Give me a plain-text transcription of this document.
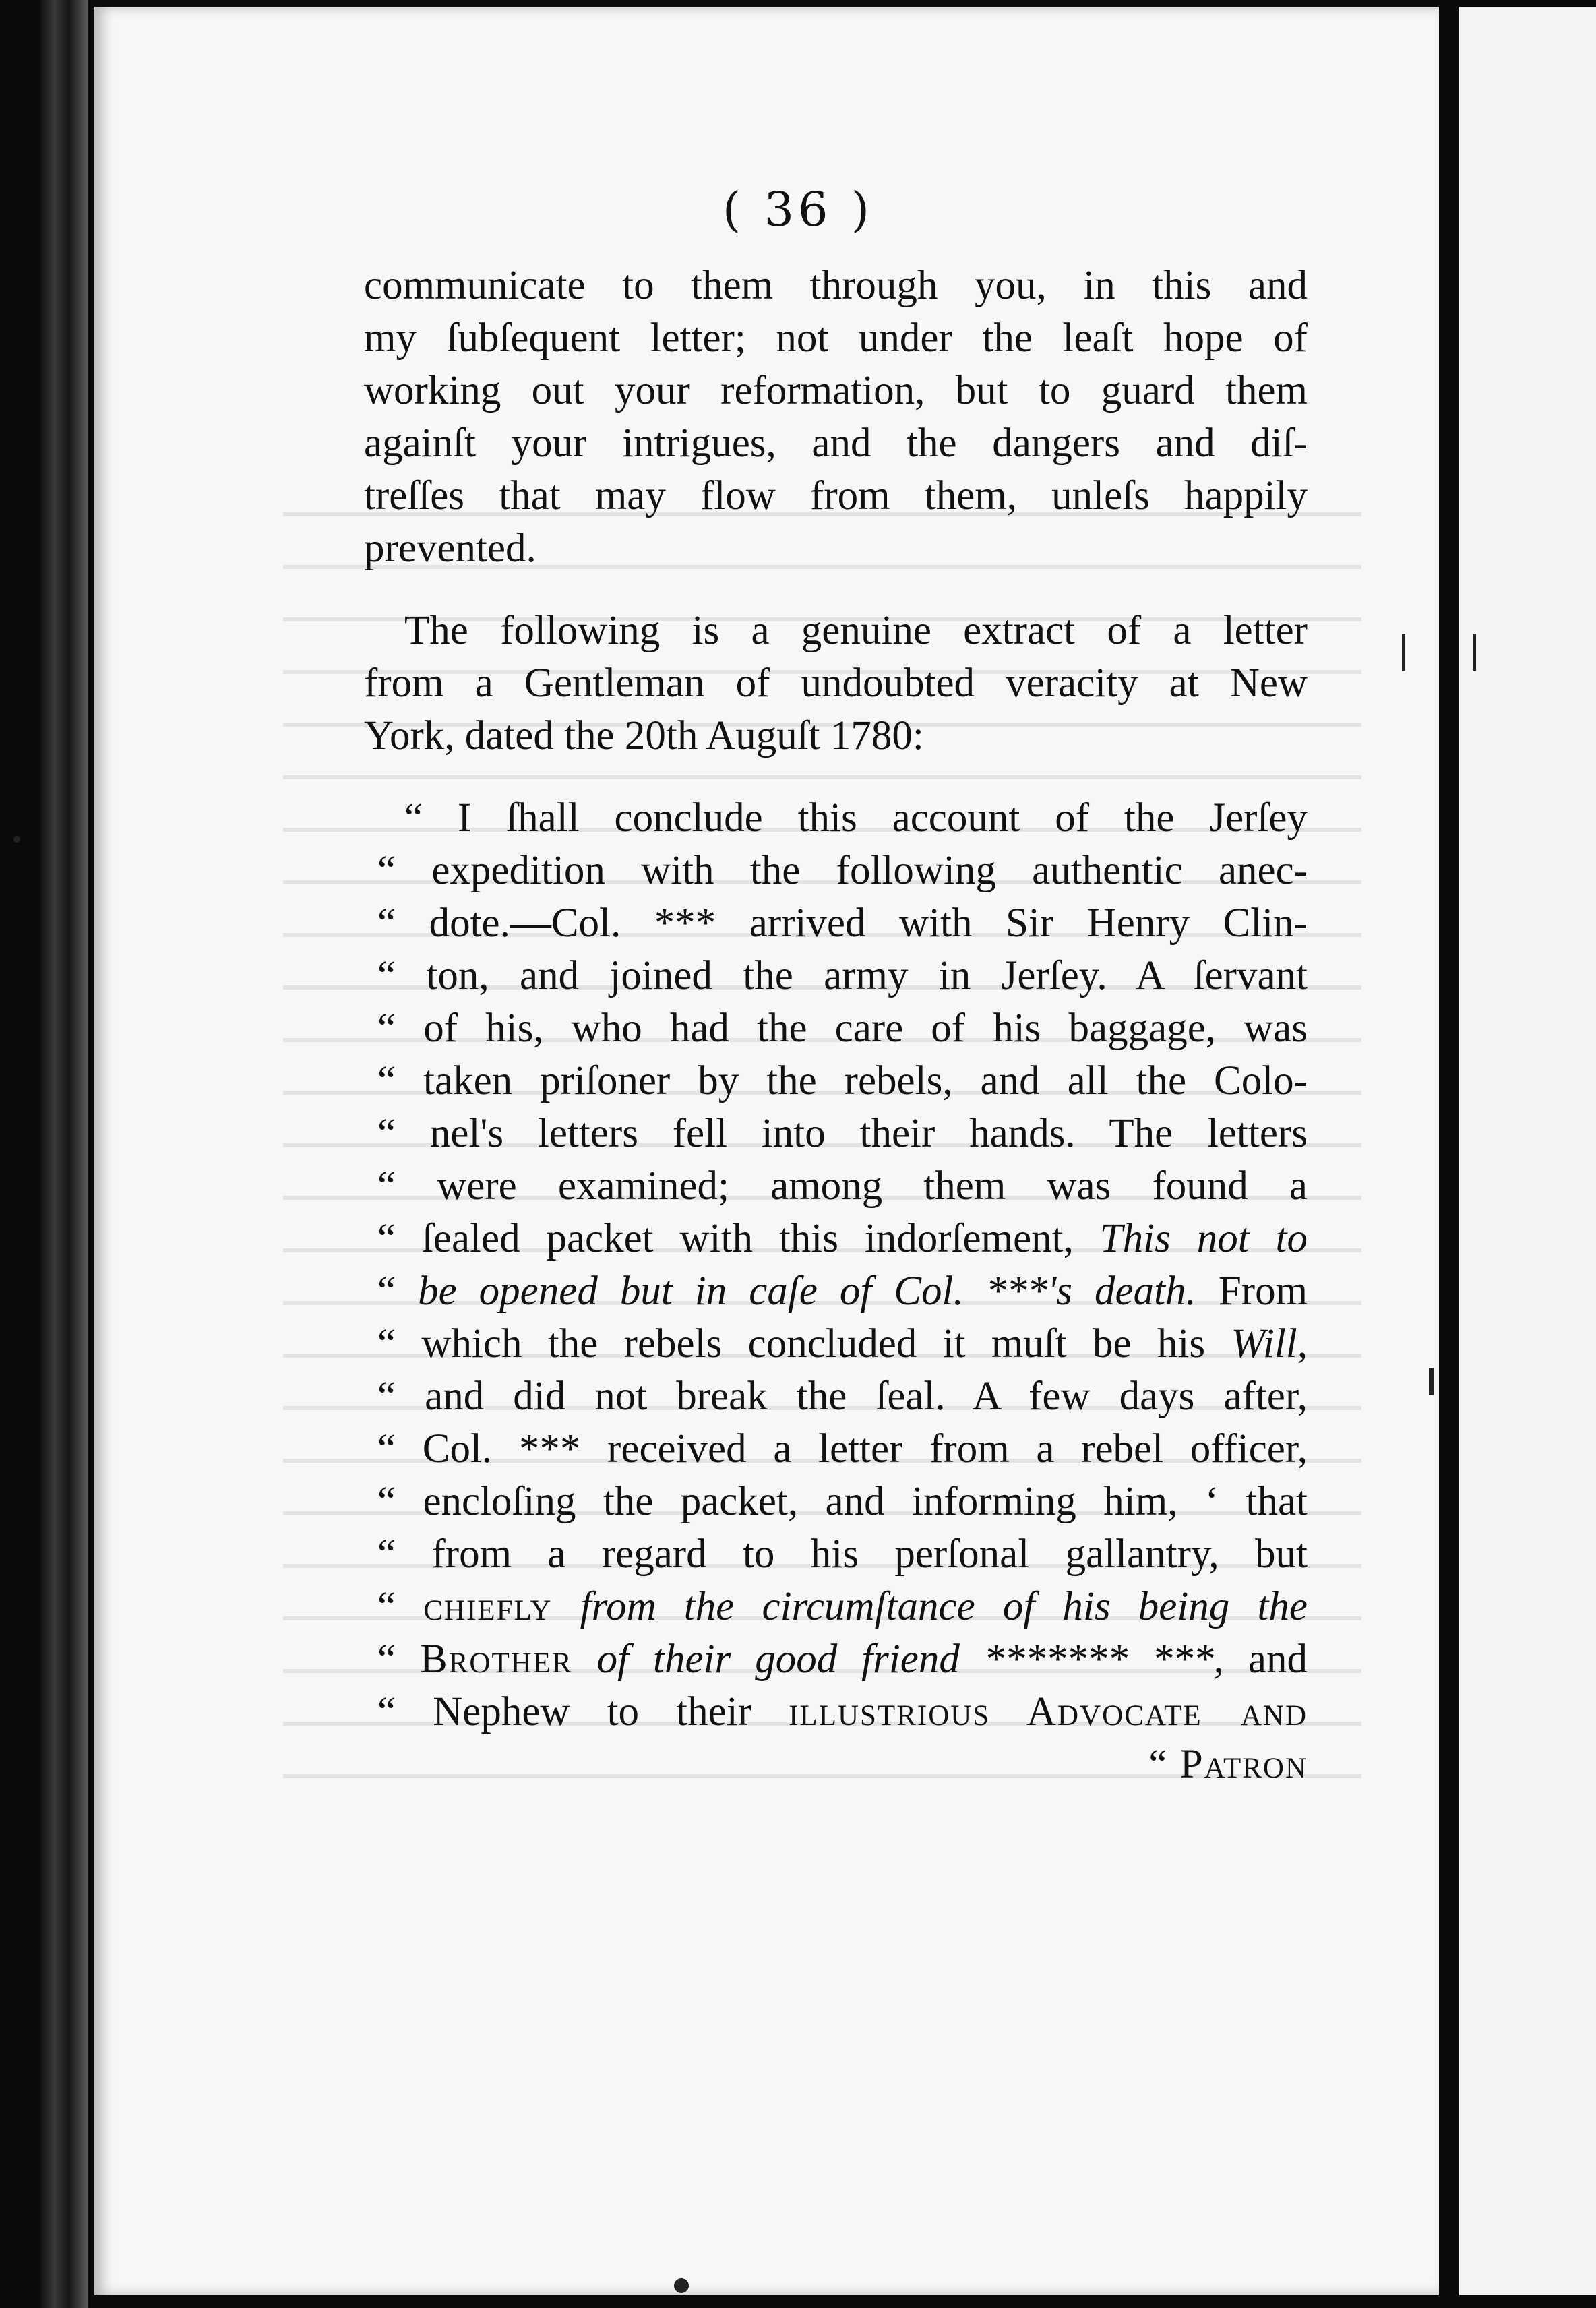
( 36 )
communicate to them through you, in this and
my ſubſequent letter; not under the leaſt hope of
working out your reformation, but to guard them
againſt your intrigues, and the dangers and diſ-
treſſes that may flow from them, unleſs happily
prevented.
The following is a genuine extract of a letter
from a Gentleman of undoubted veracity at New
York, dated the 20th Auguſt 1780:
“ I ſhall conclude this account of the Jerſey
“ expedition with the following authentic anec-
“ dote.—Col. *** arrived with Sir Henry Clin-
“ ton, and joined the army in Jerſey. A ſervant
“ of his, who had the care of his baggage, was
“ taken priſoner by the rebels, and all the Colo-
“ nel's letters fell into their hands. The letters
“ were examined; among them was found a
“ ſealed packet with this indorſement, This not to
“ be opened but in caſe of Col. ***'s death. From
“ which the rebels concluded it muſt be his Will,
“ and did not break the ſeal. A few days after,
“ Col. *** received a letter from a rebel officer,
“ encloſing the packet, and informing him, ‘ that
“ from a regard to his perſonal gallantry, but
“ chiefly from the circumſtance of his being the
“ Brother of their good friend ******* ***, and
“ Nephew to their illustrious Advocate and
“ Patron
